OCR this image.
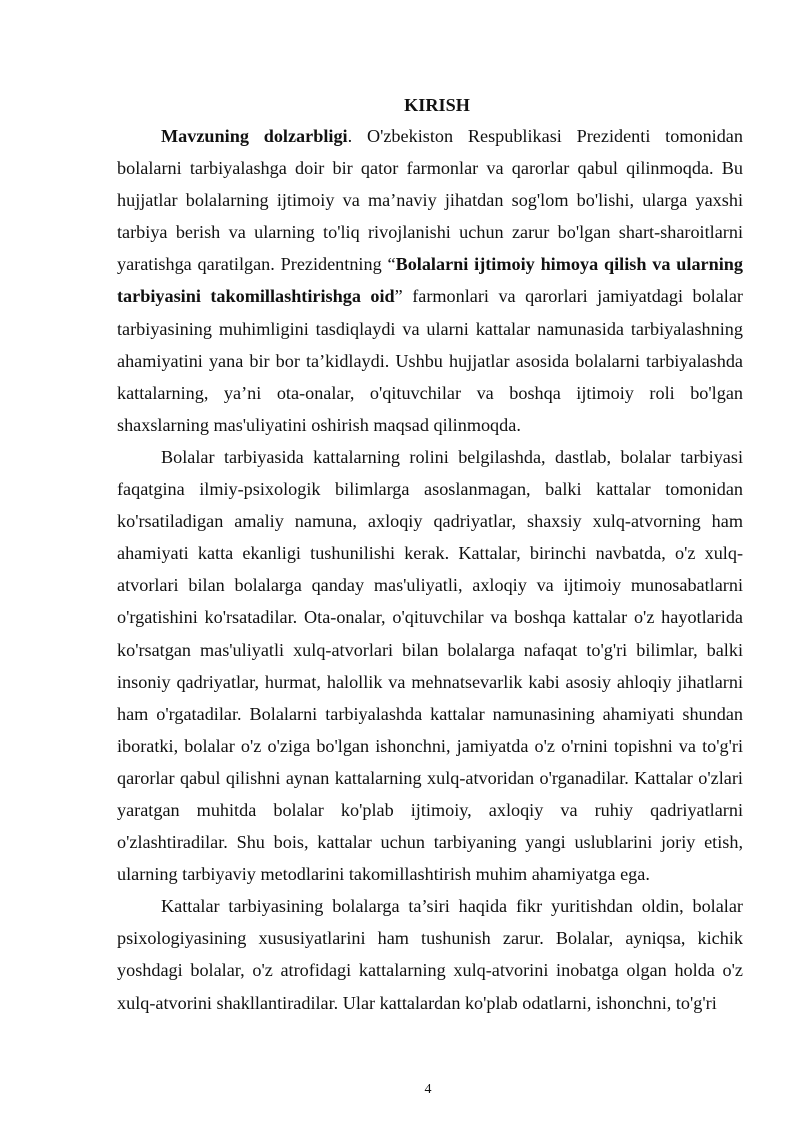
KIRISH

Mavzuning dolzarbligi. O'zbekiston Respublikasi Prezidenti tomonidan bolalarni tarbiyalashga doir bir qator farmonlar va qarorlar qabul qilinmoqda. Bu hujjatlar bolalarning ijtimoiy va ma’naviy jihatdan sog'lom bo'lishi, ularga yaxshi tarbiya berish va ularning to'liq rivojlanishi uchun zarur bo'lgan shart-sharoitlarni yaratishga qaratilgan. Prezidentning “Bolalarni ijtimoiy himoya qilish va ularning tarbiyasini takomillashtirishga oid” farmonlari va qarorlari jamiyatdagi bolalar tarbiyasining muhimligini tasdiqlaydi va ularni kattalar namunasida tarbiyalashning ahamiyatini yana bir bor ta’kidlaydi. Ushbu hujjatlar asosida bolalarni tarbiyalashda kattalarning, ya’ni ota-onalar, o'qituvchilar va boshqa ijtimoiy roli bo'lgan shaxslarning mas'uliyatini oshirish maqsad qilinmoqda.

Bolalar tarbiyasida kattalarning rolini belgilashda, dastlab, bolalar tarbiyasi faqatgina ilmiy-psixologik bilimlarga asoslanmagan, balki kattalar tomonidan ko'rsatiladigan amaliy namuna, axloqiy qadriyatlar, shaxsiy xulq-atvorning ham ahamiyati katta ekanligi tushunilishi kerak. Kattalar, birinchi navbatda, o'z xulq-atvorlari bilan bolalarga qanday mas'uliyatli, axloqiy va ijtimoiy munosabatlarni o'rgatishini ko'rsatadilar. Ota-onalar, o'qituvchilar va boshqa kattalar o'z hayotlarida ko'rsatgan mas'uliyatli xulq-atvorlari bilan bolalarga nafaqat to'g'ri bilimlar, balki insoniy qadriyatlar, hurmat, halollik va mehnatsevarlik kabi asosiy ahloqiy jihatlarni ham o'rgatadilar. Bolalarni tarbiyalashda kattalar namunasining ahamiyati shundan iboratki, bolalar o'z o'ziga bo'lgan ishonchni, jamiyatda o'z o'rnini topishni va to'g'ri qarorlar qabul qilishni aynan kattalarning xulq-atvoridan o'rganadilar. Kattalar o'zlari yaratgan muhitda bolalar ko'plab ijtimoiy, axloqiy va ruhiy qadriyatlarni o'zlashtiradilar. Shu bois, kattalar uchun tarbiyaning yangi uslublarini joriy etish, ularning tarbiyaviy metodlarini takomillashtirish muhim ahamiyatga ega.

Kattalar tarbiyasining bolalarga ta’siri haqida fikr yuritishdan oldin, bolalar psixologiyasining xususiyatlarini ham tushunish zarur. Bolalar, ayniqsa, kichik yoshdagi bolalar, o'z atrofidagi kattalarning xulq-atvorini inobatga olgan holda o'z xulq-atvorini shakllantiradilar. Ular kattalardan ko'plab odatlarni, ishonchni, to'g'ri

4
